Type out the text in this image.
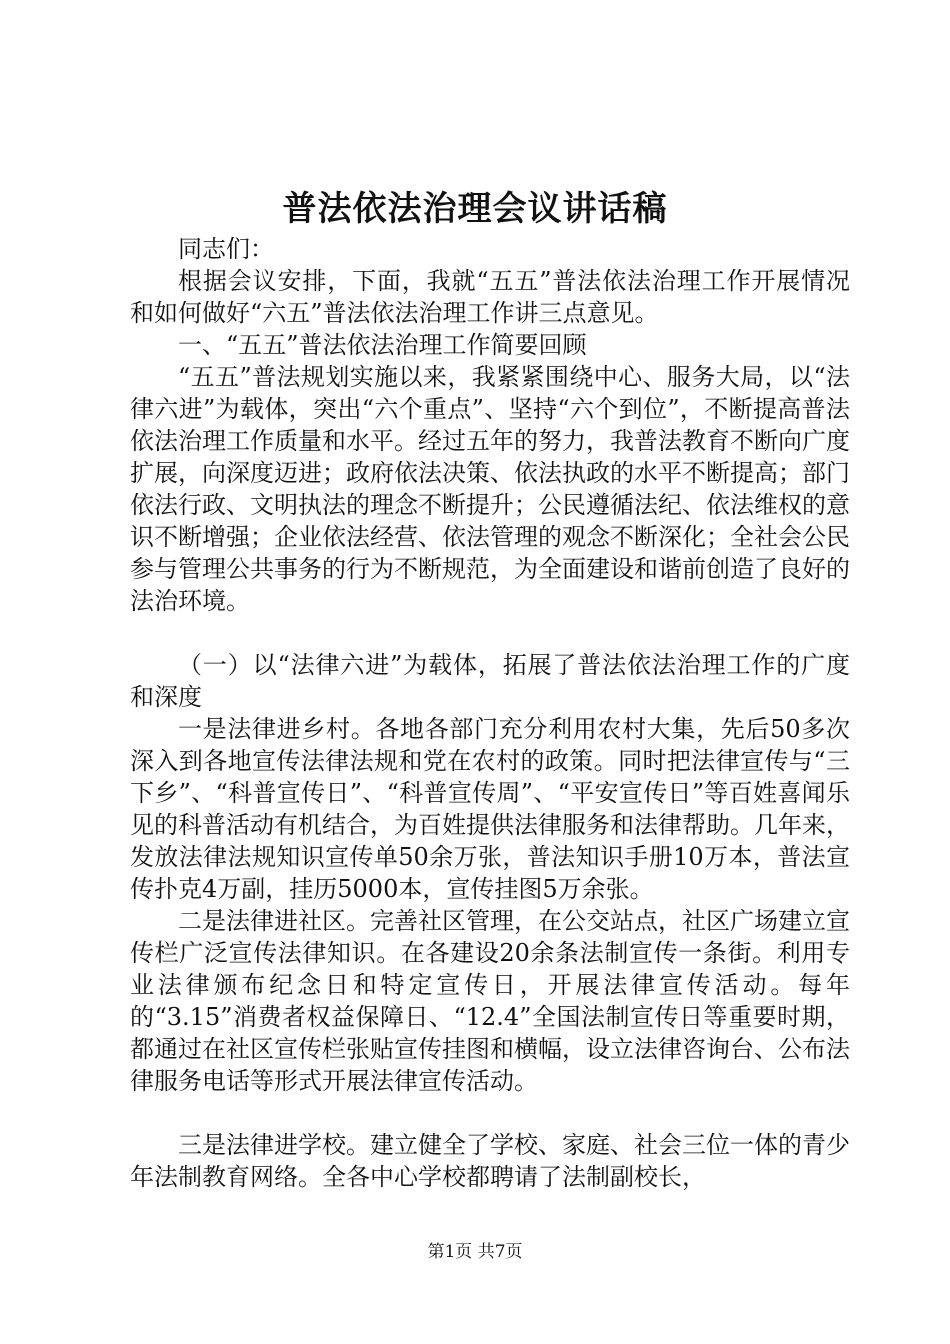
普法依法治理会议讲话稿

同志们：

根据会议安排，下面，我就“五五”普法依法治理工作开展情况和如何做好“六五”普法依法治理工作讲三点意见。

一、“五五”普法依法治理工作简要回顾

“五五”普法规划实施以来，我紧紧围绕中心、服务大局，以“法律六进”为载体，突出“六个重点”、坚持“六个到位”，不断提高普法依法治理工作质量和水平。经过五年的努力，我普法教育不断向广度扩展，向深度迈进；政府依法决策、依法执政的水平不断提高；部门依法行政、文明执法的理念不断提升；公民遵循法纪、依法维权的意识不断增强；企业依法经营、依法管理的观念不断深化；全社会公民参与管理公共事务的行为不断规范，为全面建设和谐前创造了良好的法治环境。

（一）以“法律六进”为载体，拓展了普法依法治理工作的广度和深度

一是法律进乡村。各地各部门充分利用农村大集，先后50多次深入到各地宣传法律法规和党在农村的政策。同时把法律宣传与“三下乡”、“科普宣传日”、“科普宣传周”、“平安宣传日”等百姓喜闻乐见的科普活动有机结合，为百姓提供法律服务和法律帮助。几年来，发放法律法规知识宣传单50余万张，普法知识手册10万本，普法宣传扑克4万副，挂历5000本，宣传挂图5万余张。

二是法律进社区。完善社区管理，在公交站点，社区广场建立宣传栏广泛宣传法律知识。在各建设20余条法制宣传一条街。利用专业法律颁布纪念日和特定宣传日，开展法律宣传活动。每年的“3.15”消费者权益保障日、“12.4”全国法制宣传日等重要时期，都通过在社区宣传栏张贴宣传挂图和横幅，设立法律咨询台、公布法律服务电话等形式开展法律宣传活动。

三是法律进学校。建立健全了学校、家庭、社会三位一体的青少年法制教育网络。全各中心学校都聘请了法制副校长，

第1页 共7页
